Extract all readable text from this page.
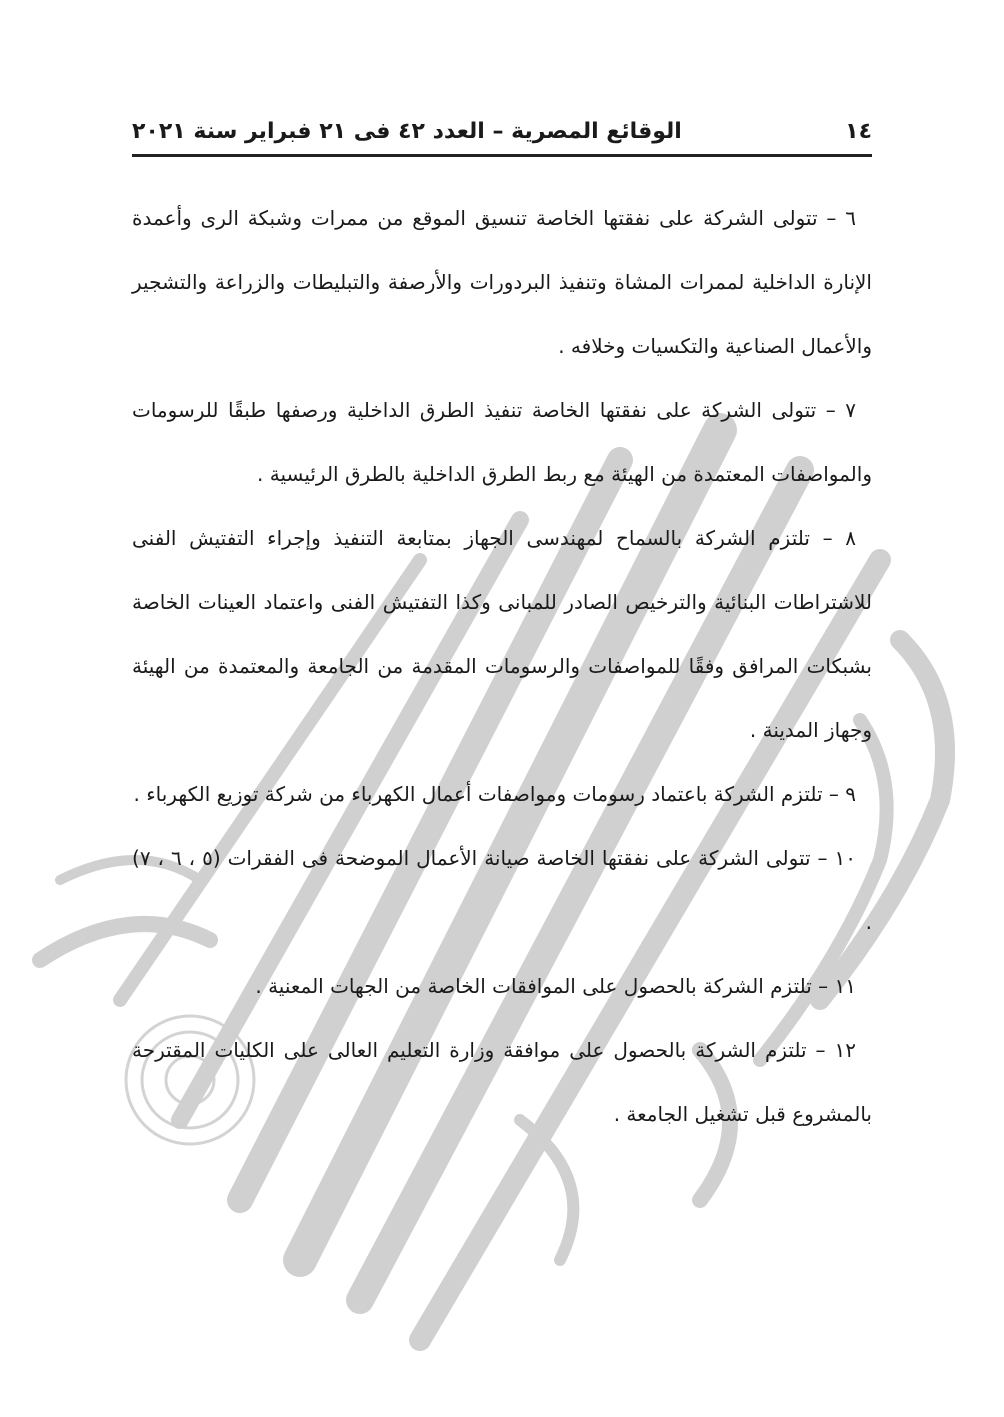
١٤
الوقائع المصرية – العدد ٤٢ فى ٢١ فبراير سنة ٢٠٢١

٦ – تتولى الشركة على نفقتها الخاصة تنسيق الموقع من ممرات وشبكة الرى وأعمدة الإنارة الداخلية لممرات المشاة وتنفيذ البردورات والأرصفة والتبليطات والزراعة والتشجير والأعمال الصناعية والتكسيات وخلافه .

٧ – تتولى الشركة على نفقتها الخاصة تنفيذ الطرق الداخلية ورصفها طبقًا للرسومات والمواصفات المعتمدة من الهيئة مع ربط الطرق الداخلية بالطرق الرئيسية .

٨ – تلتزم الشركة بالسماح لمهندسى الجهاز بمتابعة التنفيذ وإجراء التفتيش الفنى للاشتراطات البنائية والترخيص الصادر للمبانى وكذا التفتيش الفنى واعتماد العينات الخاصة بشبكات المرافق وفقًا للمواصفات والرسومات المقدمة من الجامعة والمعتمدة من الهيئة وجهاز المدينة .

٩ – تلتزم الشركة باعتماد رسومات ومواصفات أعمال الكهرباء من شركة توزيع الكهرباء .

١٠ – تتولى الشركة على نفقتها الخاصة صيانة الأعمال الموضحة فى الفقرات (٥ ، ٦ ، ٧) .

١١ – تلتزم الشركة بالحصول على الموافقات الخاصة من الجهات المعنية .

١٢ – تلتزم الشركة بالحصول على موافقة وزارة التعليم العالى على الكليات المقترحة بالمشروع قبل تشغيل الجامعة .
